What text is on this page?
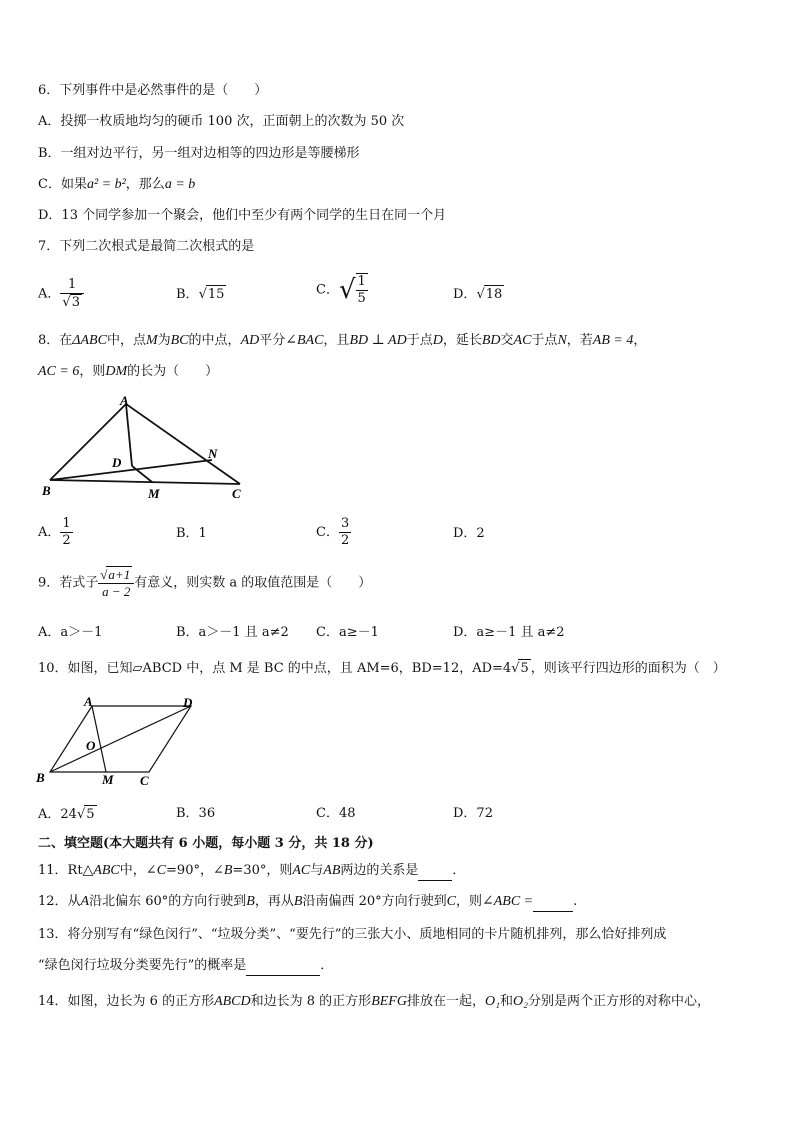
6．下列事件中是必然事件的是（　　）
A．投掷一枚质地均匀的硬币 100 次，正面朝上的次数为 50 次
B．一组对边平行，另一组对边相等的四边形是等腰梯形
C．如果a² = b²，那么a = b
D．13 个同学参加一个聚会，他们中至少有两个同学的生日在同一个月
7．下列二次根式是最简二次根式的是
A． $\frac{1}{√3}$	B．√15	C．√ $\frac{1}{5}$	D．√18
8．在ΔABC中，点M为BC的中点，AD平分∠BAC，且BD ⊥ AD于点D，延长BD交AC于点N，若AB = 4，
AC = 6，则DM的长为（　　）
A
B	C
D
M
N
A． $\frac{1}{2}$	B．1	C． $\frac{3}{2}$	D．2
9．若式子 $\frac{√a+1}{a - 2}$ 有意义，则实数 a 的取值范围是（　　）
A．a＞－1	B．a＞－1 且 a≠2 C．a≥－1	D．a≥－1 且 a≠2
10．如图，已知▱ABCD 中，点 M 是 BC 的中点，且 AM=6，BD=12，AD=4√5 ，则该平行四边形的面积为（　）
A
B	C
D
O
M
A．24√5	B．36	C．48	D．72
二、填空题(本大题共有 6 小题，每小题 3 分，共 18 分)
11．Rt△ABC中，∠C=90°，∠B=30°，则AC与AB两边的关系是	．
12．从A沿北偏东 60°的方向行驶到B，再从B沿南偏西 20°方向行驶到C，则∠ABC =	.
13．将分别写有“绿色闵行”、“垃圾分类”、“要先行”的三张大小、质地相同的卡片随机排列，那么恰好排列成
“绿色闵行垃圾分类要先行”的概率是	．
14．如图，边长为 6 的正方形ABCD和边长为 8 的正方形BEFG排放在一起，O₁和O₂分别是两个正方形的对称中心，
